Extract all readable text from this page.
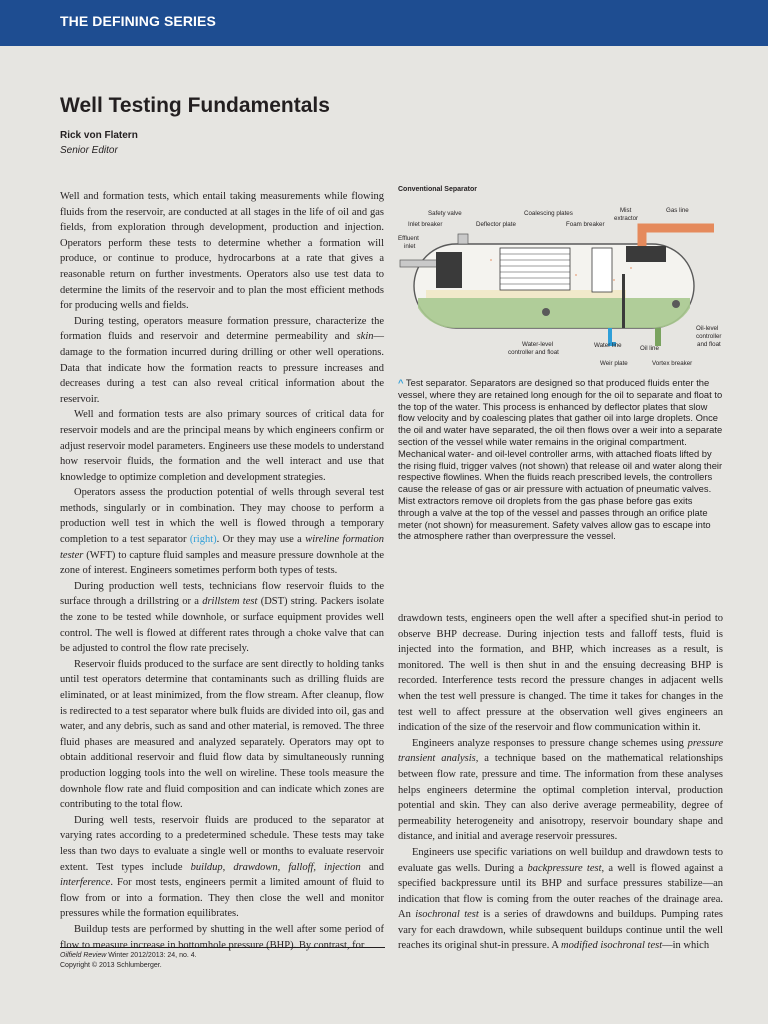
THE DEFINING SERIES
Well Testing Fundamentals
Rick von Flatern
Senior Editor

Well and formation tests, which entail taking measurements while flowing fluids from the reservoir, are conducted at all stages in the life of oil and gas fields, from exploration through development, production and injection. Operators perform these tests to determine whether a formation will produce, or continue to produce, hydrocarbons at a rate that gives a reasonable return on further investments. Operators also use test data to determine the limits of the reservoir and to plan the most efficient methods for producing wells and fields.

During testing, operators measure formation pressure, characterize the formation fluids and reservoir and determine permeability and skin—damage to the formation incurred during drilling or other well operations. Data that indicate how the formation reacts to pressure increases and decreases during a test can also reveal critical information about the reservoir.

Well and formation tests are also primary sources of critical data for reservoir models and are the principal means by which engineers confirm or adjust reservoir model parameters. Engineers use these models to understand how reservoir fluids, the formation and the well interact and use that knowledge to optimize completion and development strategies.

Operators assess the production potential of wells through several test methods, singularly or in combination. They may choose to perform a production well test in which the well is flowed through a temporary completion to a test separator (right). Or they may use a wireline formation tester (WFT) to capture fluid samples and measure pressure downhole at the zone of interest. Engineers sometimes perform both types of tests.

During production well tests, technicians flow reservoir fluids to the surface through a drillstring or a drillstem test (DST) string. Packers isolate the zone to be tested while downhole, or surface equipment provides well control. The well is flowed at different rates through a choke valve that can be adjusted to control the flow rate precisely.

Reservoir fluids produced to the surface are sent directly to holding tanks until test operators determine that contaminants such as drilling fluids are eliminated, or at least minimized, from the flow stream. After cleanup, flow is redirected to a test separator where bulk fluids are divided into oil, gas and water, and any debris, such as sand and other material, is removed. The three fluid phases are measured and analyzed separately. Operators may opt to obtain additional reservoir and fluid flow data by simultaneously running production logging tools into the well on wireline. These tools measure the downhole flow rate and fluid composition and can indicate which zones are contributing to the total flow.

During well tests, reservoir fluids are produced to the separator at varying rates according to a predetermined schedule. These tests may take less than two days to evaluate a single well or months to evaluate reservoir extent. Test types include buildup, drawdown, falloff, injection and interference. For most tests, engineers permit a limited amount of fluid to flow from or into a formation. They then close the well and monitor pressures while the formation equilibrates.

Buildup tests are performed by shutting in the well after some period of flow to measure increase in bottomhole pressure (BHP). By contrast, for

Conventional Separator
Safety valve
Inlet breaker
Effluent
inlet
Deflector plate
Coalescing plates
Foam breaker
Mist
extractor
Gas line
Water-level
controller and float
Water line	Oil line
Oil-level
controller
and float
Weir plate	Vortex breaker
^ Test separator. Separators are designed so that produced fluids enter the vessel, where they are retained long enough for the oil to separate and float to the top of the water. This process is enhanced by deflector plates that slow flow velocity and by coalescing plates that gather oil into large droplets. Once the oil and water have separated, the oil then flows over a weir into a separate section of the vessel while water remains in the original compartment. Mechanical water- and oil-level controller arms, with attached floats lifted by the rising fluid, trigger valves (not shown) that release oil and water along their respective flowlines. When the fluids reach prescribed levels, the controllers cause the release of gas or air pressure with actuation of pneumatic valves. Mist extractors remove oil droplets from the gas phase before gas exits through a valve at the top of the vessel and passes through an orifice plate meter (not shown) for measurement. Safety valves allow gas to escape into the atmosphere rather than overpressure the vessel.

drawdown tests, engineers open the well after a specified shut-in period to observe BHP decrease. During injection tests and falloff tests, fluid is injected into the formation, and BHP, which increases as a result, is monitored. The well is then shut in and the ensuing decreasing BHP is recorded. Interference tests record the pressure changes in adjacent wells when the test well pressure is changed. The time it takes for changes in the test well to affect pressure at the observation well gives engineers an indication of the size of the reservoir and flow communication within it.

Engineers analyze responses to pressure change schemes using pressure transient analysis, a technique based on the mathematical relationships between flow rate, pressure and time. The information from these analyses helps engineers determine the optimal completion interval, production potential and skin. They can also derive average permeability, degree of permeability heterogeneity and anisotropy, reservoir boundary shape and distance, and initial and average reservoir pressures.

Engineers use specific variations on well buildup and drawdown tests to evaluate gas wells. During a backpressure test, a well is flowed against a specified backpressure until its BHP and surface pressures stabilize—an indication that flow is coming from the outer reaches of the drainage area. An isochronal test is a series of drawdowns and buildups. Pumping rates vary for each drawdown, while subsequent buildups continue until the well reaches its original shut-in pressure. A modified isochronal test—in which

Oilfield Review Winter 2012/2013: 24, no. 4.
Copyright © 2013 Schlumberger.
